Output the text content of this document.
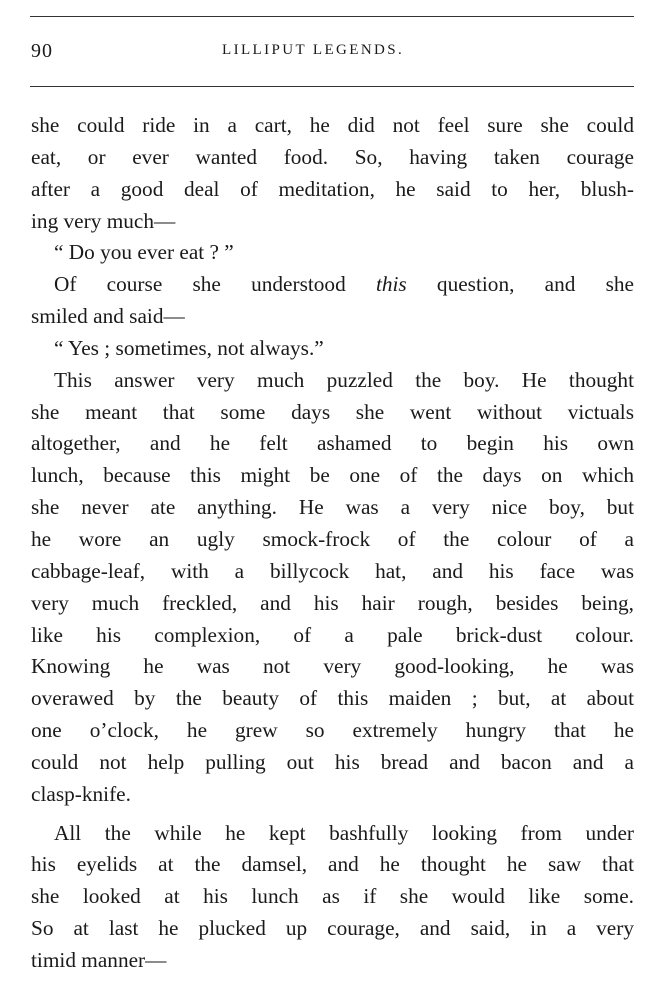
90	LILLIPUT LEGENDS.
she could ride in a cart, he did not feel sure she could
eat, or ever wanted food. So, having taken courage
after a good deal of meditation, he said to her, blush-
ing very much—
“ Do you ever eat ? ”
Of course she understood this question, and she
smiled and said—
“ Yes ; sometimes, not always.”
This answer very much puzzled the boy. He thought
she meant that some days she went without victuals
altogether, and he felt ashamed to begin his own
lunch, because this might be one of the days on which
she never ate anything. He was a very nice boy, but
he wore an ugly smock-frock of the colour of a
cabbage-leaf, with a billycock hat, and his face was
very much freckled, and his hair rough, besides being,
like his complexion, of a pale brick-dust colour.
Knowing he was not very good-looking, he was
overawed by the beauty of this maiden ; but, at about
one o’clock, he grew so extremely hungry that he
could not help pulling out his bread and bacon and a
clasp-knife.
All the while he kept bashfully looking from under
his eyelids at the damsel, and he thought he saw that
she looked at his lunch as if she would like some.
So at last he plucked up courage, and said, in a very
timid manner—
